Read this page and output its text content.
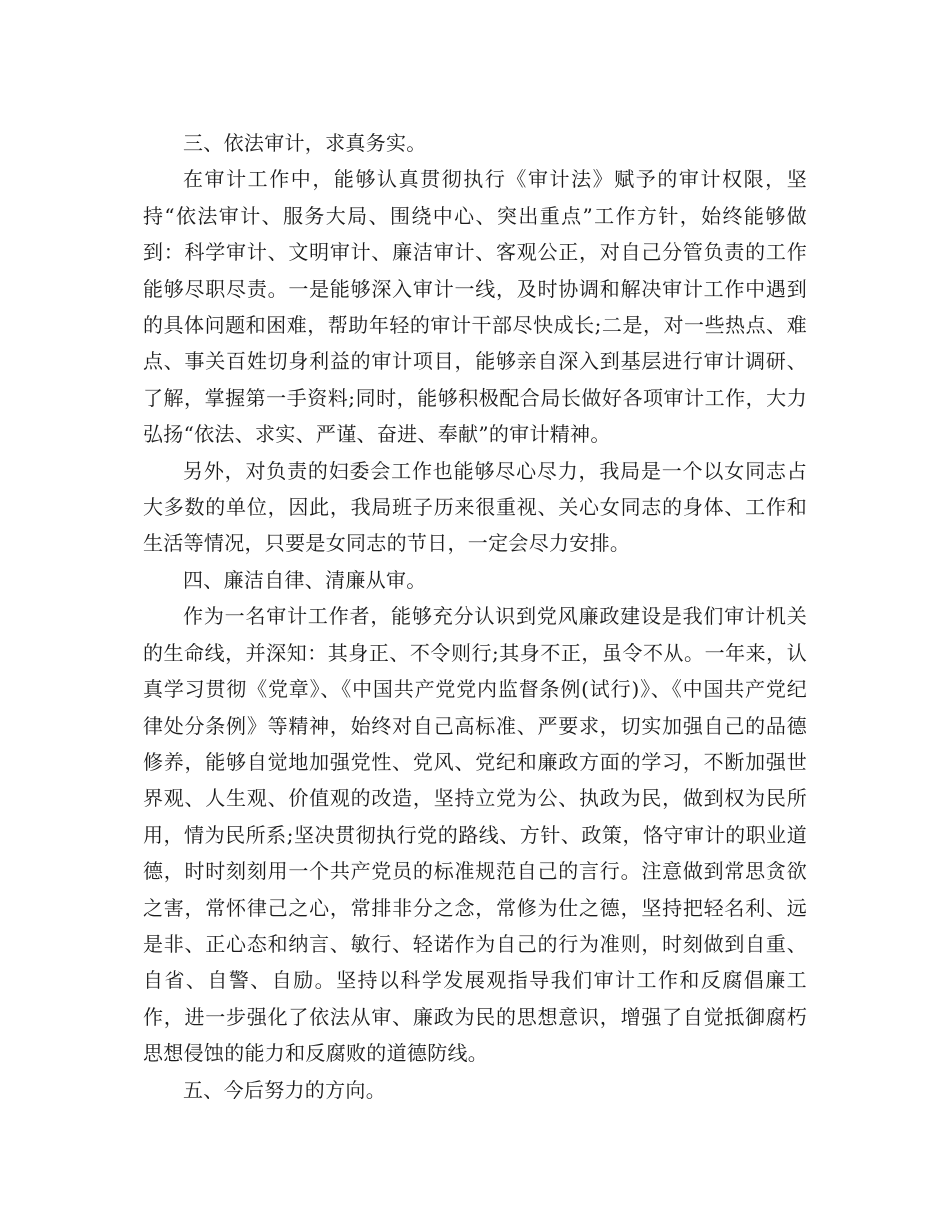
三、依法审计，求真务实。

在审计工作中，能够认真贯彻执行《审计法》赋予的审计权限，坚持“依法审计、服务大局、围绕中心、突出重点”工作方针，始终能够做到：科学审计、文明审计、廉洁审计、客观公正，对自己分管负责的工作能够尽职尽责。一是能够深入审计一线，及时协调和解决审计工作中遇到的具体问题和困难，帮助年轻的审计干部尽快成长;二是，对一些热点、难点、事关百姓切身利益的审计项目，能够亲自深入到基层进行审计调研、了解，掌握第一手资料;同时，能够积极配合局长做好各项审计工作，大力弘扬“依法、求实、严谨、奋进、奉献”的审计精神。

另外，对负责的妇委会工作也能够尽心尽力，我局是一个以女同志占大多数的单位，因此，我局班子历来很重视、关心女同志的身体、工作和生活等情况，只要是女同志的节日，一定会尽力安排。

四、廉洁自律、清廉从审。

作为一名审计工作者，能够充分认识到党风廉政建设是我们审计机关的生命线，并深知：其身正、不令则行;其身不正，虽令不从。一年来，认真学习贯彻《党章》、《中国共产党党内监督条例(试行)》、《中国共产党纪律处分条例》等精神，始终对自己高标准、严要求，切实加强自己的品德修养，能够自觉地加强党性、党风、党纪和廉政方面的学习，不断加强世界观、人生观、价值观的改造，坚持立党为公、执政为民，做到权为民所用，情为民所系;坚决贯彻执行党的路线、方针、政策，恪守审计的职业道德，时时刻刻用一个共产党员的标准规范自己的言行。注意做到常思贪欲之害，常怀律己之心，常排非分之念，常修为仕之德，坚持把轻名利、远是非、正心态和纳言、敏行、轻诺作为自己的行为准则，时刻做到自重、自省、自警、自励。坚持以科学发展观指导我们审计工作和反腐倡廉工作，进一步强化了依法从审、廉政为民的思想意识，增强了自觉抵御腐朽思想侵蚀的能力和反腐败的道德防线。

五、今后努力的方向。
